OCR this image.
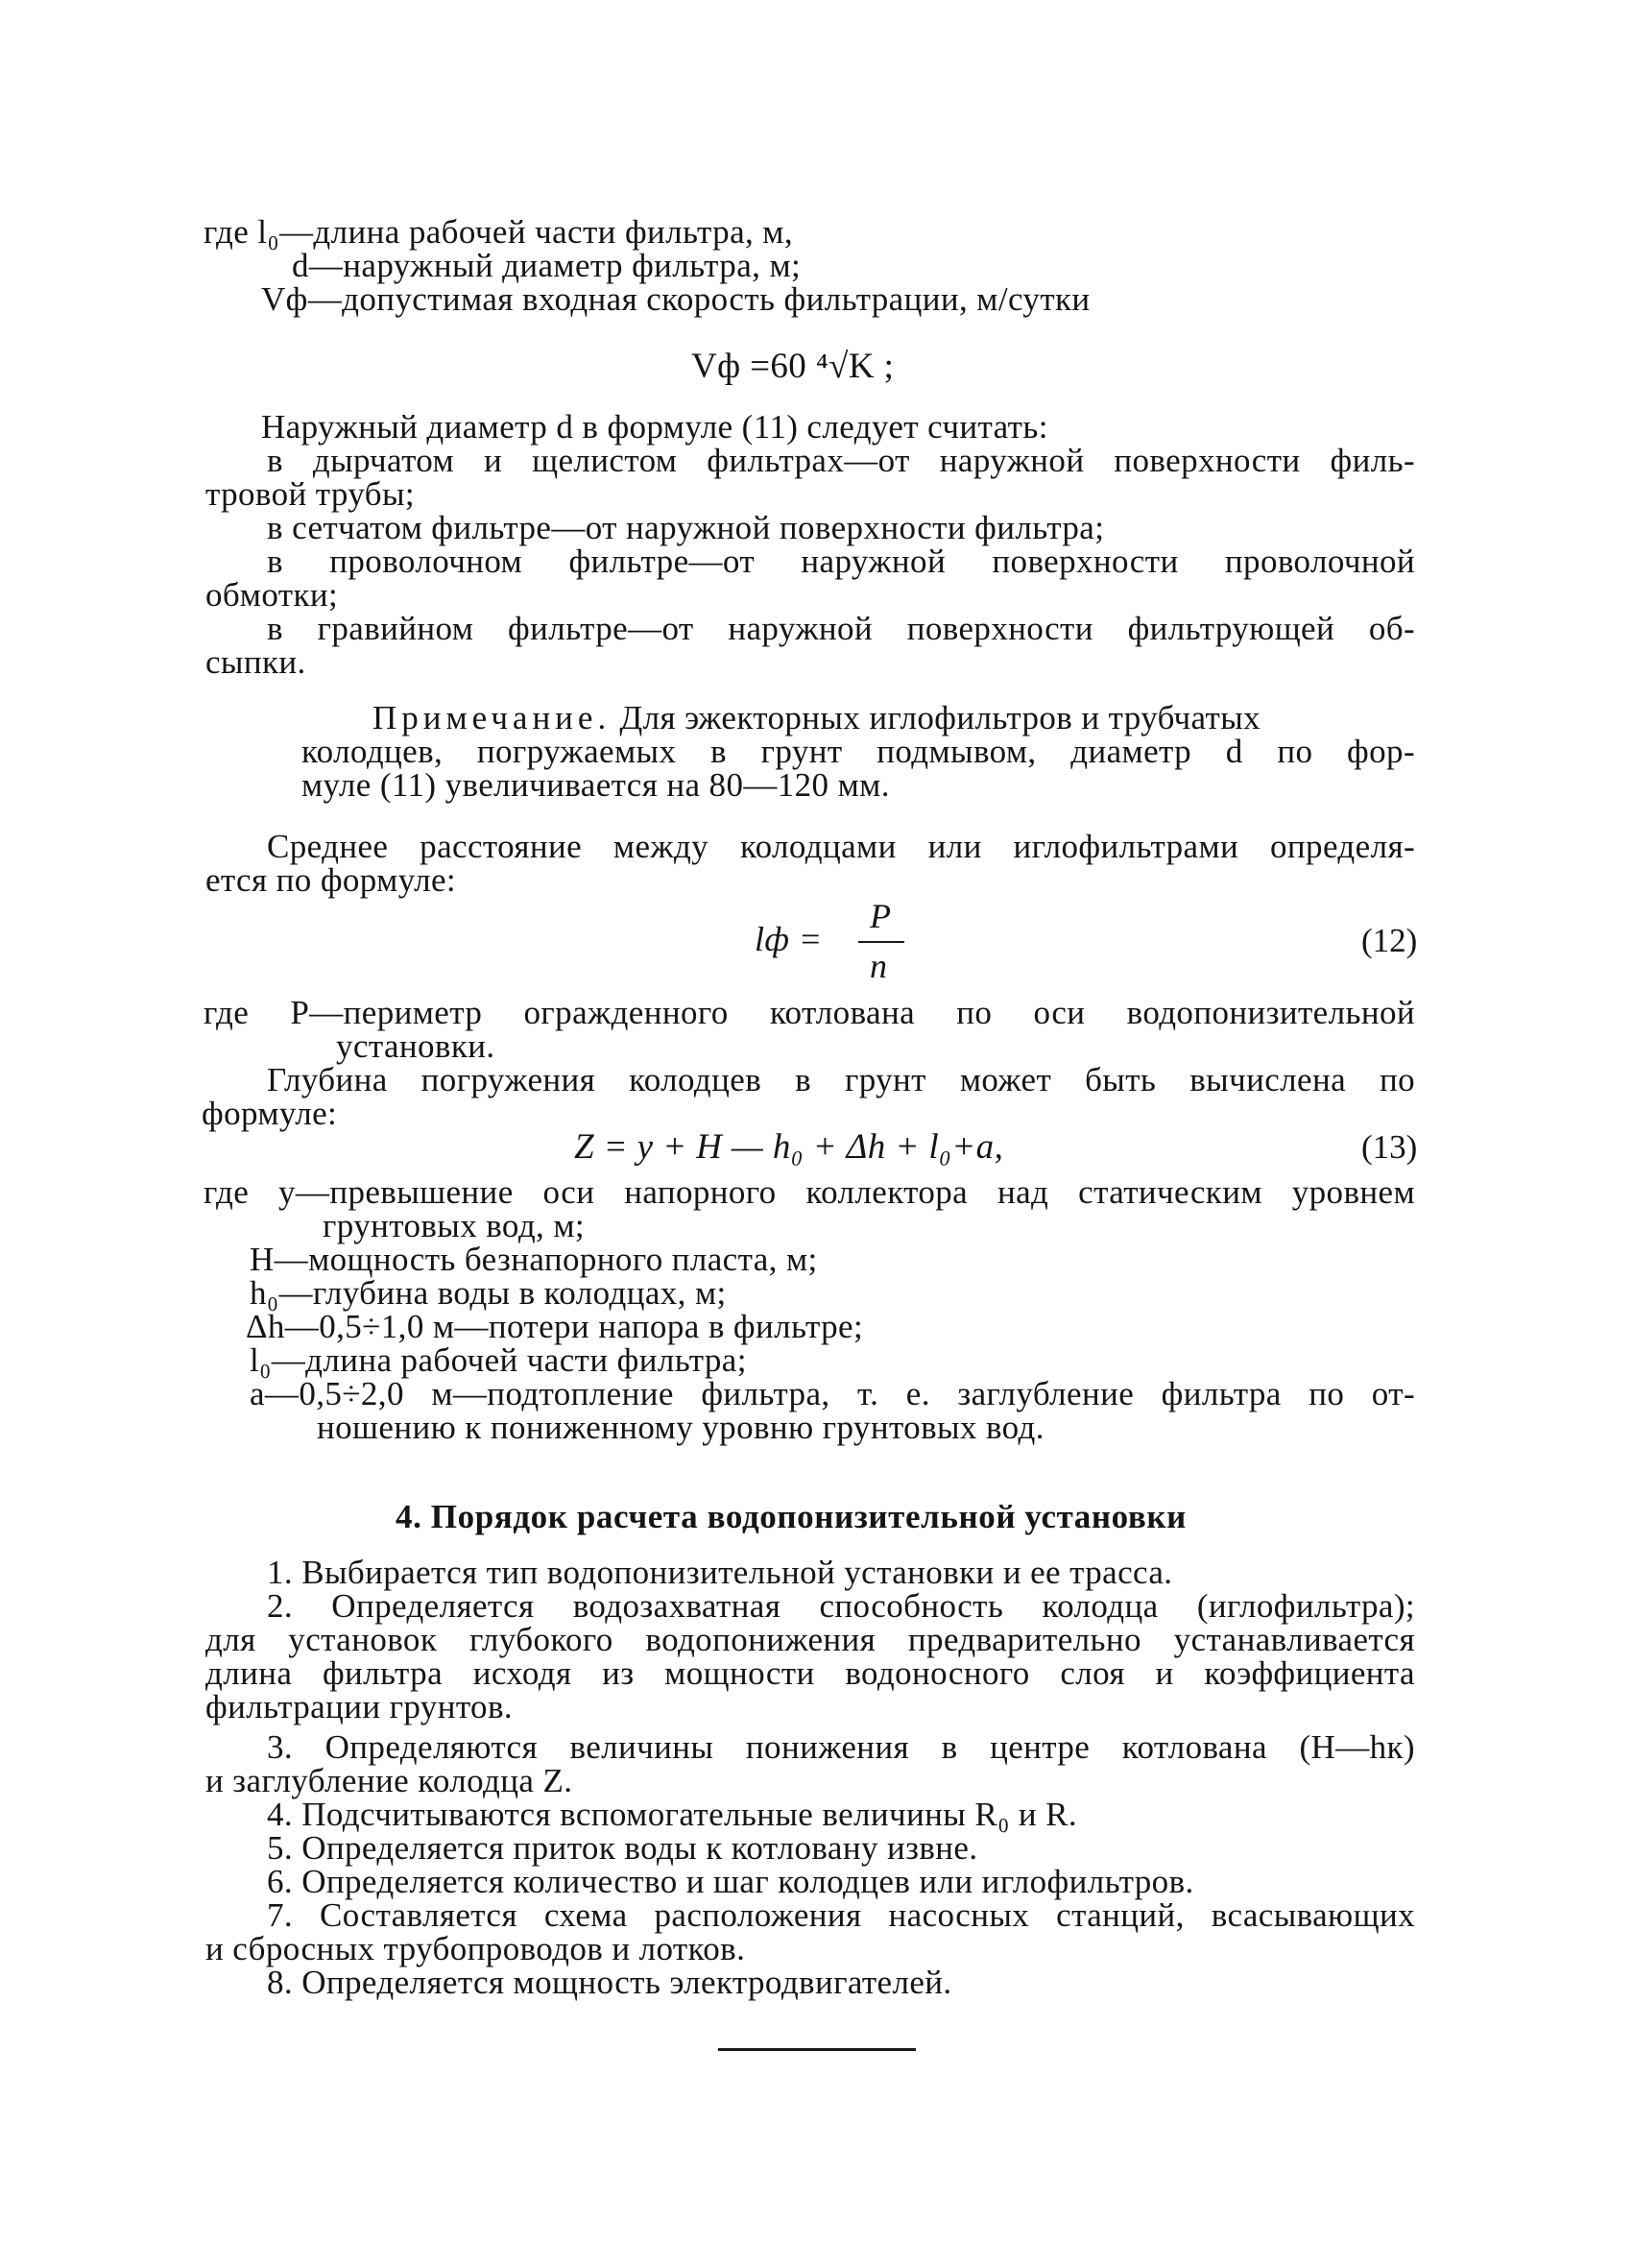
где l₀—длина рабочей части фильтра, м,
d—наружный диаметр фильтра, м;
Vф—допустимая входная скорость фильтрации, м/сутки
Vф =60 ⁴√K ;
Наружный диаметр d в формуле (11) следует считать:
в дырчатом и щелистом фильтрах—от наружной поверхности филь-
тровой трубы;
в сетчатом фильтре—от наружной поверхности фильтра;
в проволочном фильтре—от наружной поверхности проволочной
обмотки;
в гравийном фильтре—от наружной поверхности фильтрующей об-
сыпки.
Примечание. Для эжекторных иглофильтров и трубчатых
колодцев, погружаемых в грунт подмывом, диаметр d по фор-
муле (11) увеличивается на 80—120 мм.
Среднее расстояние между колодцами или иглофильтрами определя-
ется по формуле:
lф =
P
n
(12)
где P—периметр огражденного котлована по оси водопонизительной
установки.
Глубина погружения колодцев в грунт может быть вычислена по
формуле:
Z = y + H — h₀ + Δh + l₀+a,	(13)
где y—превышение оси напорного коллектора над статическим уровнем
грунтовых вод, м;
H—мощность безнапорного пласта, м;
h₀—глубина воды в колодцах, м;
Δh—0,5÷1,0 м—потери напора в фильтре;
l₀—длина рабочей части фильтра;
a—0,5÷2,0 м—подтопление фильтра, т. е. заглубление фильтра по от-
ношению к пониженному уровню грунтовых вод.
4. Порядок расчета водопонизительной установки
1. Выбирается тип водопонизительной установки и ее трасса.
2. Определяется водозахватная способность колодца (иглофильтра);
для установок глубокого водопонижения предварительно устанавливается
длина фильтра исходя из мощности водоносного слоя и коэффициента
фильтрации грунтов.
3. Определяются величины понижения в центре котлована (H—hк)
и заглубление колодца Z.
4. Подсчитываются вспомогательные величины R₀ и R.
5. Определяется приток воды к котловану извне.
6. Определяется количество и шаг колодцев или иглофильтров.
7. Составляется схема расположения насосных станций, всасывающих
и сбросных трубопроводов и лотков.
8. Определяется мощность электродвигателей.
